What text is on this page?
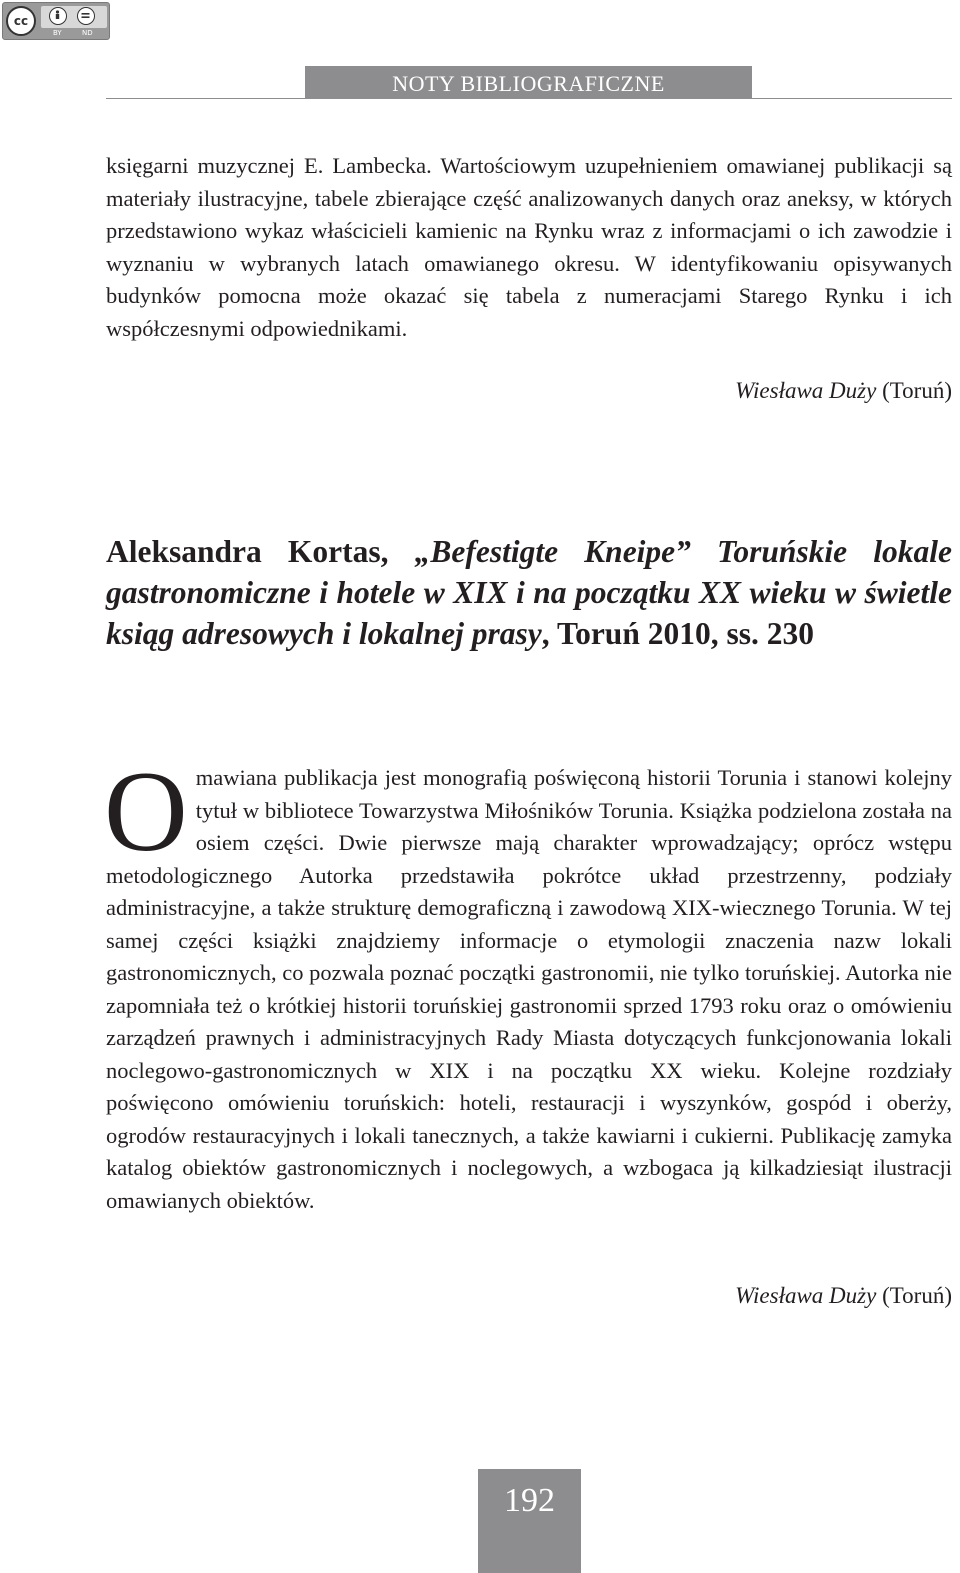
cc
BY	ND
NOTY BIBLIOGRAFICZNE

księgarni muzycznej E. Lambecka. Wartościowym uzupełnieniem omawianej publikacji są materiały ilustracyjne, tabele zbierające część analizowanych danych oraz aneksy, w których przedstawiono wykaz właścicieli kamienic na Rynku wraz z informacjami o ich zawodzie i wyznaniu w wybranych latach omawianego okresu. W identyfikowaniu opisywanych budynków pomocna może okazać się tabela z numeracjami Starego Rynku i ich współczesnymi odpowiednikami.

Wiesława Duży (Toruń)
Aleksandra Kortas, „Befestigte Kneipe” Toruńskie lokale gastronomiczne i hotele w XIX i na początku XX wieku w świetle ksiąg adresowych i lokalnej prasy, Toruń 2010, ss. 230

Omawiana publikacja jest monografią poświęconą historii Torunia i stanowi kolejny tytuł w bibliotece Towarzystwa Miłośników Torunia. Książka podzielona została na osiem części. Dwie pierwsze mają charakter wprowadzający; oprócz wstępu metodologicznego Autorka przedstawiła pokrótce układ przestrzenny, podziały administracyjne, a także strukturę demograficzną i zawodową XIX-wiecznego Torunia. W tej samej części książki znajdziemy informacje o etymologii znaczenia nazw lokali gastronomicznych, co pozwala poznać początki gastronomii, nie tylko toruńskiej. Autorka nie zapomniała też o krótkiej historii toruńskiej gastronomii sprzed 1793 roku oraz o omówieniu zarządzeń prawnych i administracyjnych Rady Miasta dotyczących funkcjonowania lokali noclegowo-gastronomicznych w XIX i na początku XX wieku. Kolejne rozdziały poświęcono omówieniu toruńskich: hoteli, restauracji i wyszynków, gospód i oberży, ogrodów restauracyjnych i lokali tanecznych, a także kawiarni i cukierni. Publikację zamyka katalog obiektów gastronomicznych i noclegowych, a wzbogaca ją kilkadziesiąt ilustracji omawianych obiektów.

Wiesława Duży (Toruń)
192
